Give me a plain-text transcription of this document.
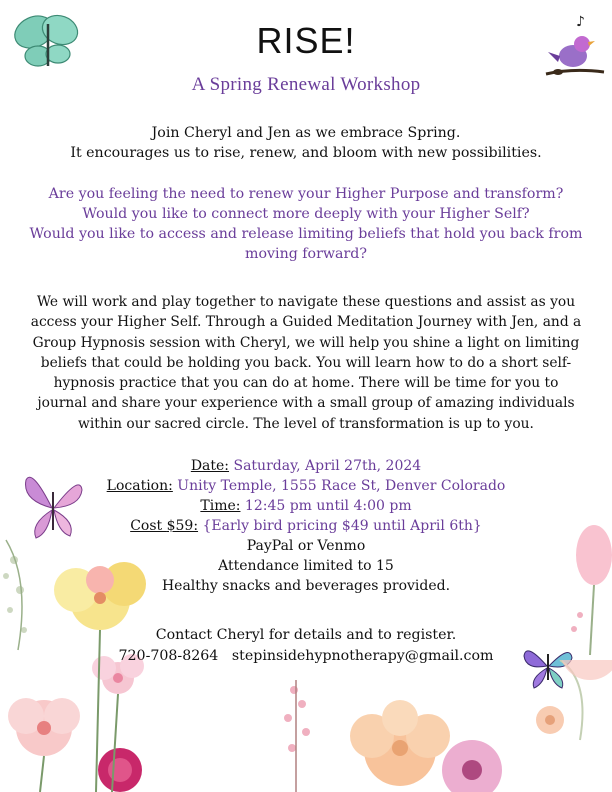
♪
RISE!
A Spring Renewal Workshop

Join Cheryl and Jen as we embrace Spring.

It encourages us to rise, renew, and bloom with new possibilities.

Are you feeling the need to renew your Higher Purpose and transform?

Would you like to connect more deeply with your Higher Self?

Would you like to access and release limiting beliefs that hold you back from

moving forward?

We will work and play together to navigate these questions and assist as you

access your Higher Self. Through a Guided Meditation Journey with Jen, and a

Group Hypnosis session with Cheryl, we will help you shine a light on limiting

beliefs that could be holding you back. You will learn how to do a short self-

hypnosis practice that you can do at home. There will be time for you to

journal and share your experience with a small group of amazing individuals

within our sacred circle. The level of transformation is up to you.

Date: Saturday, April 27th, 2024

Location: Unity Temple, 1555 Race St, Denver Colorado

Time: 12:45 pm until 4:00 pm

Cost $59: {Early bird pricing $49 until April 6th}

PayPal or Venmo

Attendance limited to 15

Healthy snacks and beverages provided.

Contact Cheryl for details and to register.

720-708-8264 stepinsidehypnotherapy@gmail.com
